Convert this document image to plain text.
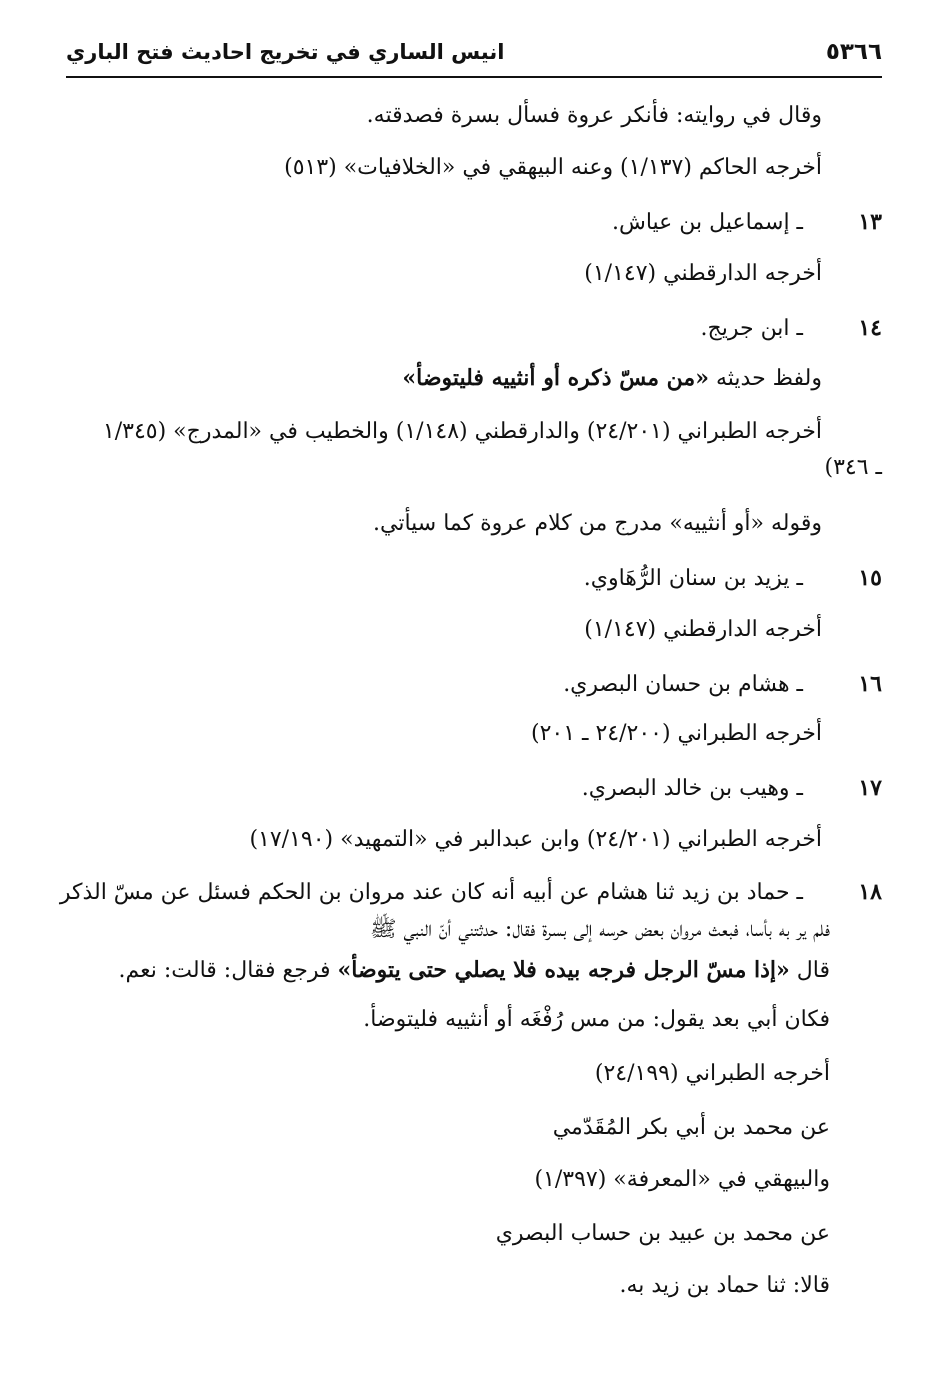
٥٣٦٦
انيس الساري في تخريج احاديث فتح الباري
وقال في روايته: فأنكر عروة فسأل بسرة فصدقته.
أخرجه الحاكم (١/١٣٧) وعنه البيهقي في «الخلافيات» (٥١٣)
١٣ ـ إسماعيل بن عياش.
أخرجه الدارقطني (١/١٤٧)
١٤ ـ ابن جريج.
ولفظ حديثه «من مسّ ذكره أو أنثييه فليتوضأ»
أخرجه الطبراني (٢٤/٢٠١) والدارقطني (١/١٤٨) والخطيب في «المدرج» (١/٣٤٥
ـ ٣٤٦)
وقوله «أو أنثييه» مدرج من كلام عروة كما سيأتي.
١٥ ـ يزيد بن سنان الرُّهَاوي.
أخرجه الدارقطني (١/١٤٧)
١٦ ـ هشام بن حسان البصري.
أخرجه الطبراني (٢٤/٢٠٠ ـ ٢٠١)
١٧ ـ وهيب بن خالد البصري.
أخرجه الطبراني (٢٤/٢٠١) وابن عبدالبر في «التمهيد» (١٧/١٩٠)
١٨ ـ حماد بن زيد ثنا هشام عن أبيه أنه كان عند مروان بن الحكم فسئل عن مسّ الذكر
فلم ير به بأسا، فبعث مروان بعض حرسه إلى بسرة فقال: حدثتني أنّ النبي ﷺ
قال «إذا مسّ الرجل فرجه بيده فلا يصلي حتى يتوضأ» فرجع فقال: قالت: نعم.
فكان أبي بعد يقول: من مس رُفْغَه أو أنثييه فليتوضأ.
أخرجه الطبراني (٢٤/١٩٩)
عن محمد بن أبي بكر المُقَدّمي
والبيهقي في «المعرفة» (١/٣٩٧)
عن محمد بن عبيد بن حساب البصري
قالا: ثنا حماد بن زيد به.
